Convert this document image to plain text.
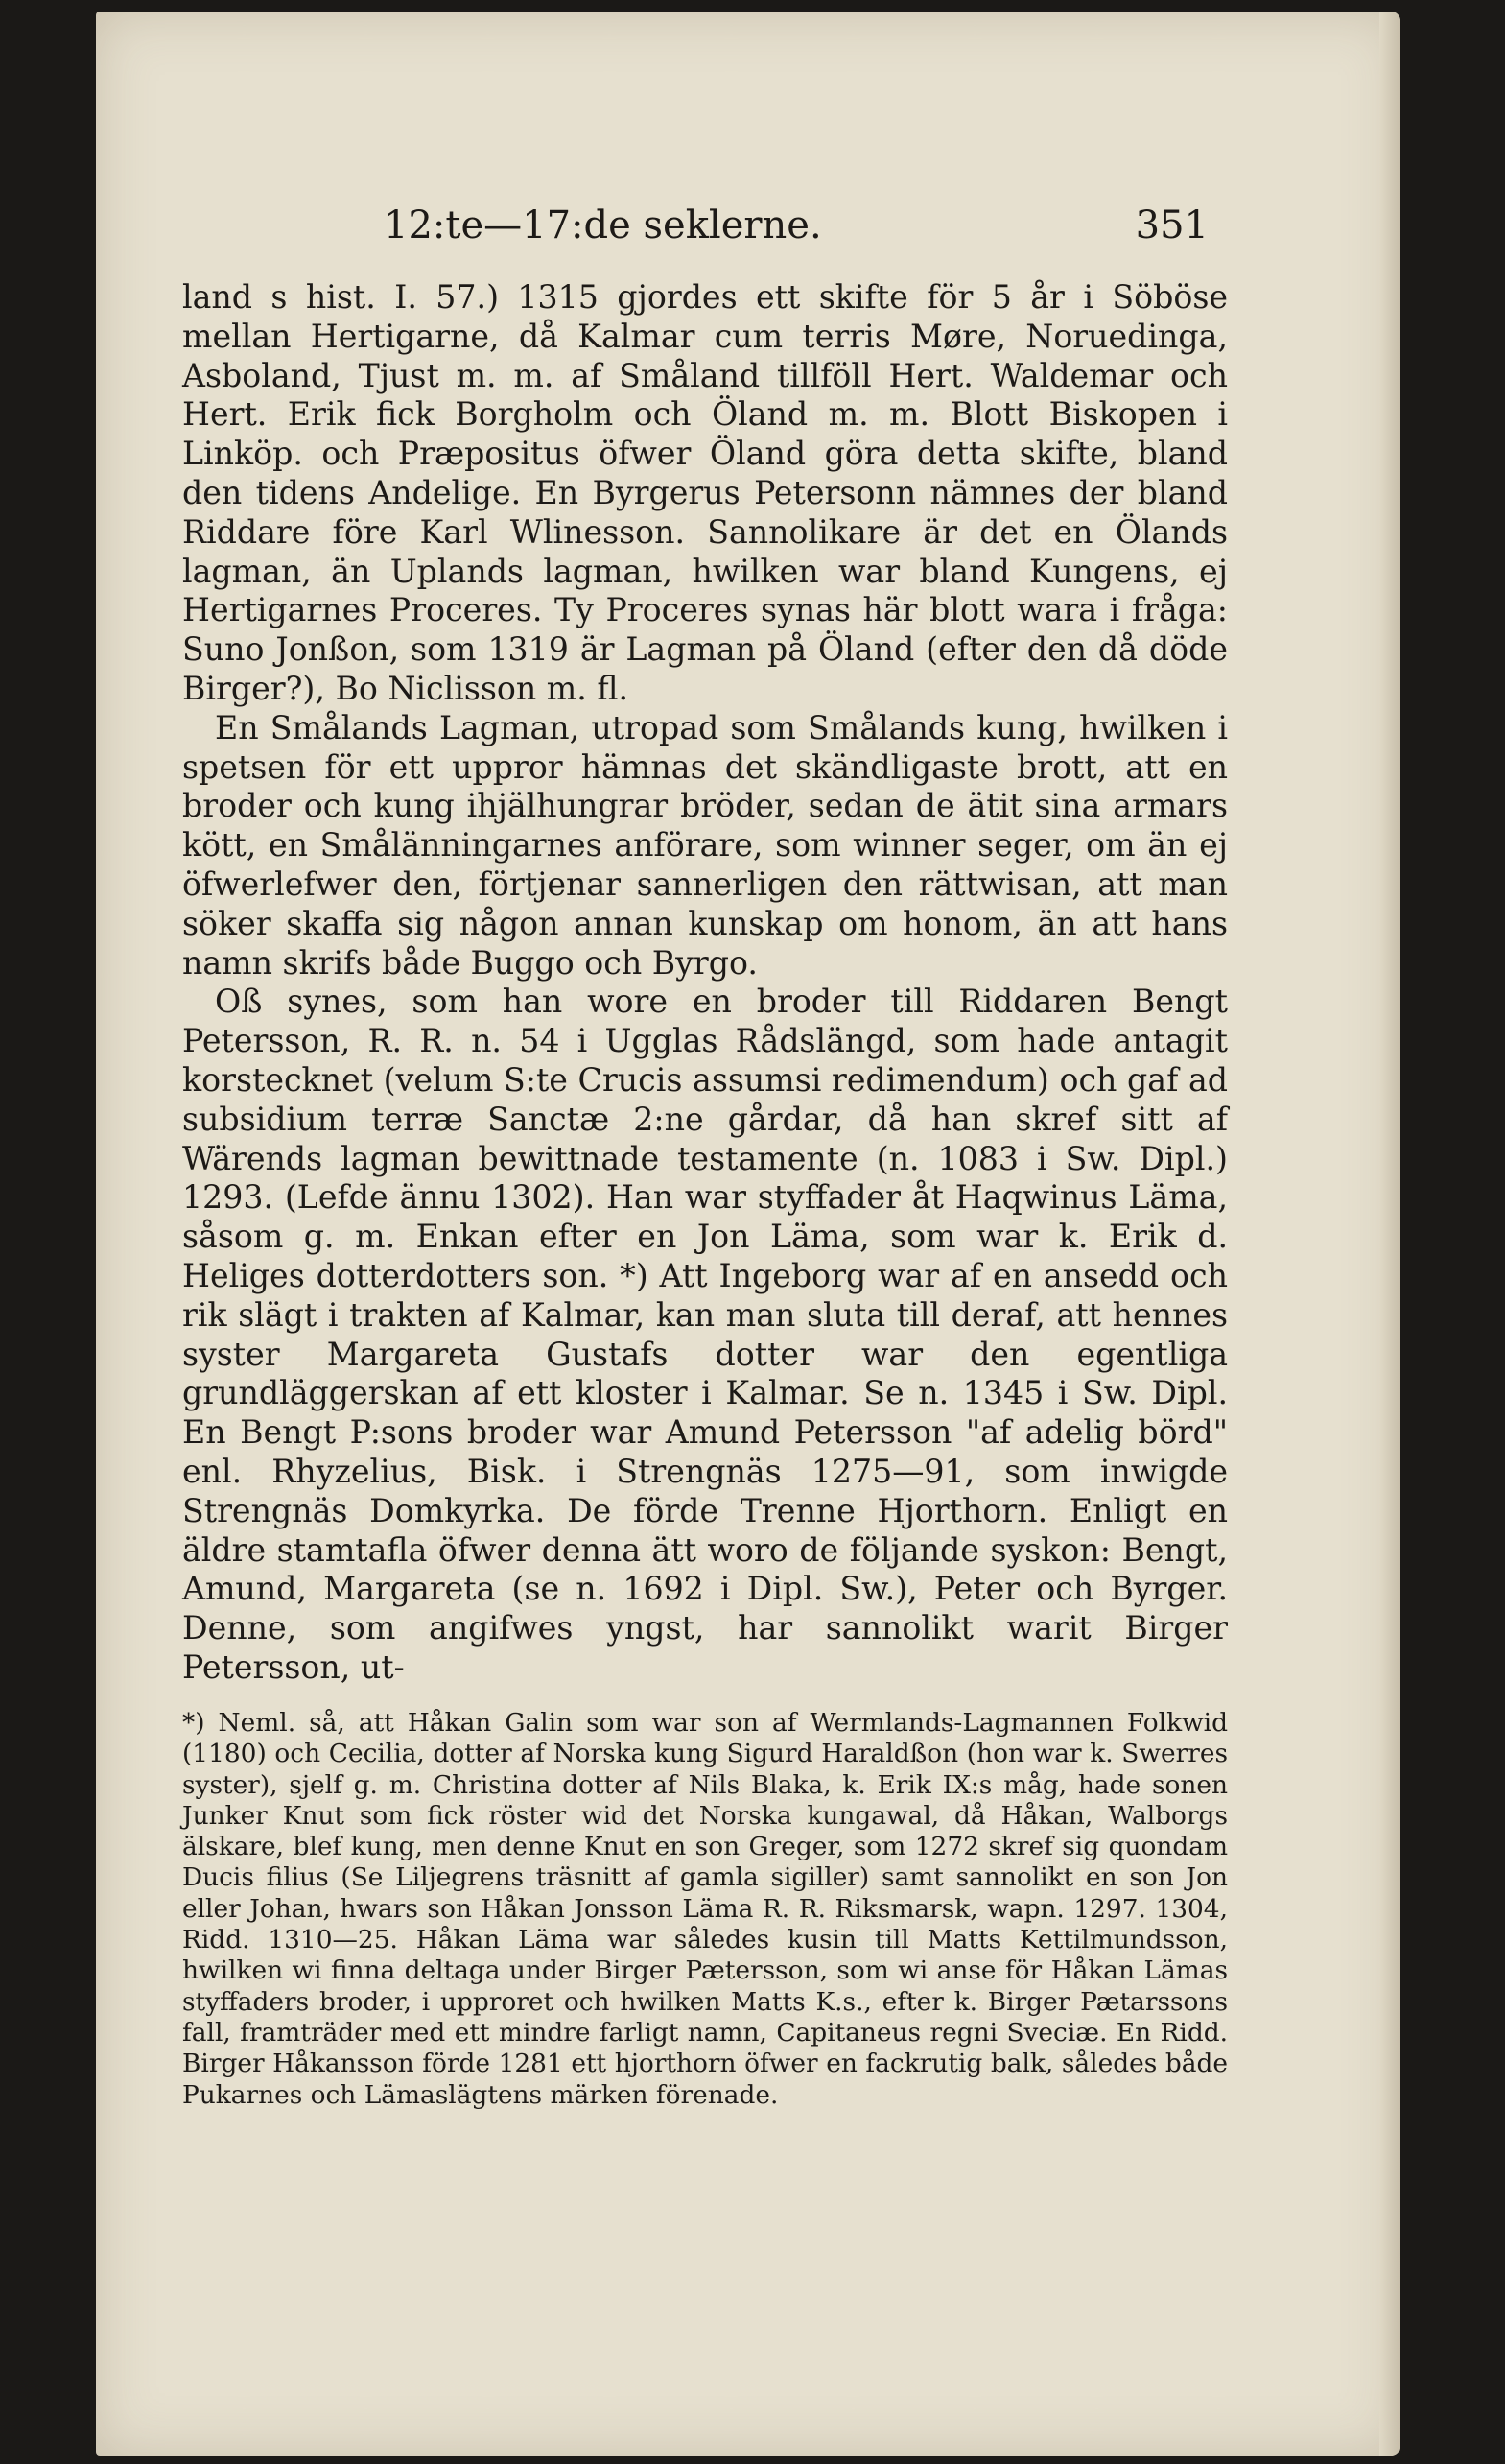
12:te—17:de seklerne.	351

land s hist. I. 57.) 1315 gjordes ett skifte för 5 år i Söböse mellan Hertigarne, då Kalmar cum terris Møre, Noruedinga, Asboland, Tjust m. m. af Småland tillföll Hert. Waldemar och Hert. Erik fick Borgholm och Öland m. m. Blott Biskopen i Linköp. och Præpositus öfwer Öland göra detta skifte, bland den tidens Andelige. En Byrgerus Petersonn nämnes der bland Riddare före Karl Wlinesson. Sannolikare är det en Ölands lagman, än Uplands lagman, hwilken war bland Kungens, ej Hertigarnes Proceres. Ty Proceres synas här blott wara i fråga: Suno Jonßon, som 1319 är Lagman på Öland (efter den då döde Birger?), Bo Niclisson m. fl.

En Smålands Lagman, utropad som Smålands kung, hwilken i spetsen för ett uppror hämnas det skändligaste brott, att en broder och kung ihjälhungrar bröder, sedan de ätit sina armars kött, en Smålänningarnes anförare, som winner seger, om än ej öfwerlefwer den, förtjenar sannerligen den rättwisan, att man söker skaffa sig någon annan kunskap om honom, än att hans namn skrifs både Buggo och Byrgo.

Oß synes, som han wore en broder till Riddaren Bengt Petersson, R. R. n. 54 i Ugglas Rådslängd, som hade antagit korstecknet (velum S:te Crucis assumsi redimendum) och gaf ad subsidium terræ Sanctæ 2:ne gårdar, då han skref sitt af Wärends lagman bewittnade testamente (n. 1083 i Sw. Dipl.) 1293. (Lefde ännu 1302). Han war styffader åt Haqwinus Läma, såsom g. m. Enkan efter en Jon Läma, som war k. Erik d. Heliges dotterdotters son. *) Att Ingeborg war af en ansedd och rik slägt i trakten af Kalmar, kan man sluta till deraf, att hennes syster Margareta Gustafs dotter war den egentliga grundläggerskan af ett kloster i Kalmar. Se n. 1345 i Sw. Dipl. En Bengt P:sons broder war Amund Petersson "af adelig börd" enl. Rhyzelius, Bisk. i Strengnäs 1275—91, som inwigde Strengnäs Domkyrka. De förde Trenne Hjorthorn. Enligt en äldre stamtafla öfwer denna ätt woro de följande syskon: Bengt, Amund, Margareta (se n. 1692 i Dipl. Sw.), Peter och Byrger. Denne, som angifwes yngst, har sannolikt warit Birger Petersson, ut-

*) Neml. så, att Håkan Galin som war son af Wermlands-Lagmannen Folkwid (1180) och Cecilia, dotter af Norska kung Sigurd Haraldßon (hon war k. Swerres syster), sjelf g. m. Christina dotter af Nils Blaka, k. Erik IX:s måg, hade sonen Junker Knut som fick röster wid det Norska kungawal, då Håkan, Walborgs älskare, blef kung, men denne Knut en son Greger, som 1272 skref sig quondam Ducis filius (Se Liljegrens träsnitt af gamla sigiller) samt sannolikt en son Jon eller Johan, hwars son Håkan Jonsson Läma R. R. Riksmarsk, wapn. 1297. 1304, Ridd. 1310—25. Håkan Läma war således kusin till Matts Kettilmundsson, hwilken wi finna deltaga under Birger Pætersson, som wi anse för Håkan Lämas styffaders broder, i upproret och hwilken Matts K.s., efter k. Birger Pætarssons fall, framträder med ett mindre farligt namn, Capitaneus regni Sveciæ. En Ridd. Birger Håkansson förde 1281 ett hjorthorn öfwer en fackrutig balk, således både Pukarnes och Lämaslägtens märken förenade.
